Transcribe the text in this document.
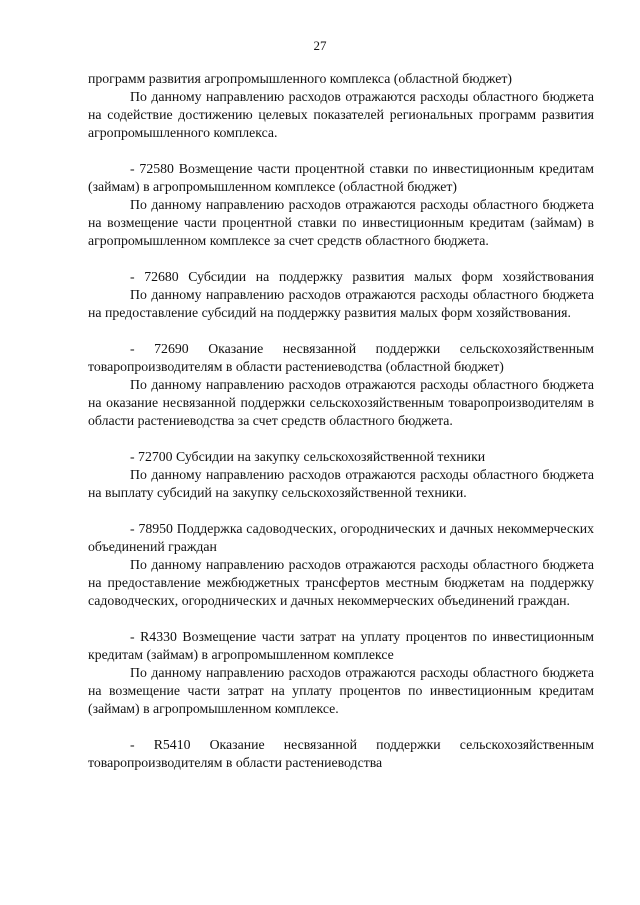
27

программ развития агропромышленного комплекса (областной бюджет)

По данному направлению расходов отражаются расходы областного бюджета на содействие достижению целевых показателей региональных программ развития агропромышленного комплекса.

- 72580 Возмещение части процентной ставки по инвестиционным кредитам (займам) в агропромышленном комплексе (областной бюджет)

По данному направлению расходов отражаются расходы областного бюджета на возмещение части процентной ставки по инвестиционным кредитам (займам) в агропромышленном комплексе за счет средств областного бюджета.

- 72680 Субсидии на поддержку развития малых форм хозяйствования

По данному направлению расходов отражаются расходы областного бюджета на предоставление субсидий на поддержку развития малых форм хозяйствования.

- 72690 Оказание несвязанной поддержки сельскохозяйственным товаропроизводителям в области растениеводства (областной бюджет)

По данному направлению расходов отражаются расходы областного бюджета на оказание несвязанной поддержки сельскохозяйственным товаропроизводителям в области растениеводства за счет средств областного бюджета.

- 72700 Субсидии на закупку сельскохозяйственной техники

По данному направлению расходов отражаются расходы областного бюджета на выплату субсидий на закупку сельскохозяйственной техники.

- 78950 Поддержка садоводческих, огороднических и дачных некоммерческих объединений граждан

По данному направлению расходов отражаются расходы областного бюджета на предоставление межбюджетных трансфертов местным бюджетам на поддержку садоводческих, огороднических и дачных некоммерческих объединений граждан.

- R4330 Возмещение части затрат на уплату процентов по инвестиционным кредитам (займам) в агропромышленном комплексе

По данному направлению расходов отражаются расходы областного бюджета на возмещение части затрат на уплату процентов по инвестиционным кредитам (займам) в агропромышленном комплексе.

- R5410 Оказание несвязанной поддержки сельскохозяйственным товаропроизводителям в области растениеводства
